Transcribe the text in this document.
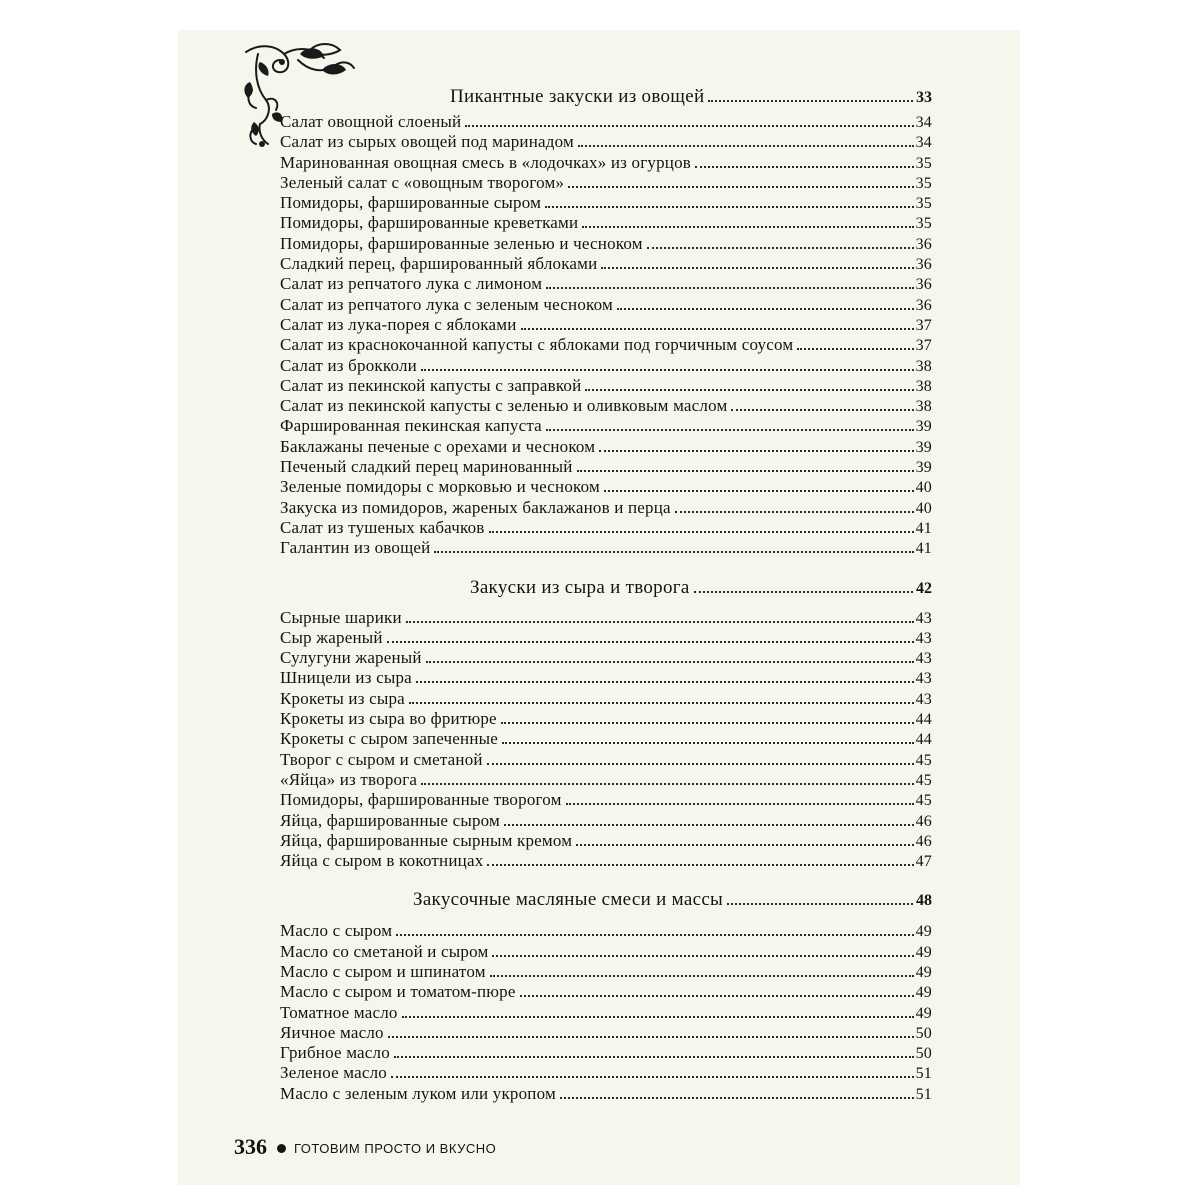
Пикантные закуски из овощей	33
Салат овощной слоеный	34
Салат из сырых овощей под маринадом	34
Маринованная овощная смесь в «лодочках» из огурцов	35
Зеленый салат с «овощным творогом»	35
Помидоры, фаршированные сыром	35
Помидоры, фаршированные креветками	35
Помидоры, фаршированные зеленью и чесноком	36
Сладкий перец, фаршированный яблоками	36
Салат из репчатого лука с лимоном	36
Салат из репчатого лука с зеленым чесноком	36
Салат из лука-порея с яблоками	37
Салат из краснокочанной капусты с яблоками под горчичным соусом	37
Салат из брокколи	38
Салат из пекинской капусты с заправкой	38
Салат из пекинской капусты с зеленью и оливковым маслом	38
Фаршированная пекинская капуста	39
Баклажаны печеные с орехами и чесноком	39
Печеный сладкий перец маринованный	39
Зеленые помидоры с морковью и чесноком	40
Закуска из помидоров, жареных баклажанов и перца	40
Салат из тушеных кабачков	41
Галантин из овощей	41
Закуски из сыра и творога	42
Сырные шарики	43
Сыр жареный	43
Сулугуни жареный	43
Шницели из сыра	43
Крокеты из сыра	43
Крокеты из сыра во фритюре	44
Крокеты с сыром запеченные	44
Творог с сыром и сметаной	45
«Яйца» из творога	45
Помидоры, фаршированные творогом	45
Яйца, фаршированные сыром	46
Яйца, фаршированные сырным кремом	46
Яйца с сыром в кокотницах	47
Закусочные масляные смеси и массы	48
Масло с сыром	49
Масло со сметаной и сыром	49
Масло с сыром и шпинатом	49
Масло с сыром и томатом-пюре	49
Томатное масло	49
Яичное масло	50
Грибное масло	50
Зеленое масло	51
Масло с зеленым луком или укропом	51
336 ГОТОВИМ ПРОСТО И ВКУСНО
